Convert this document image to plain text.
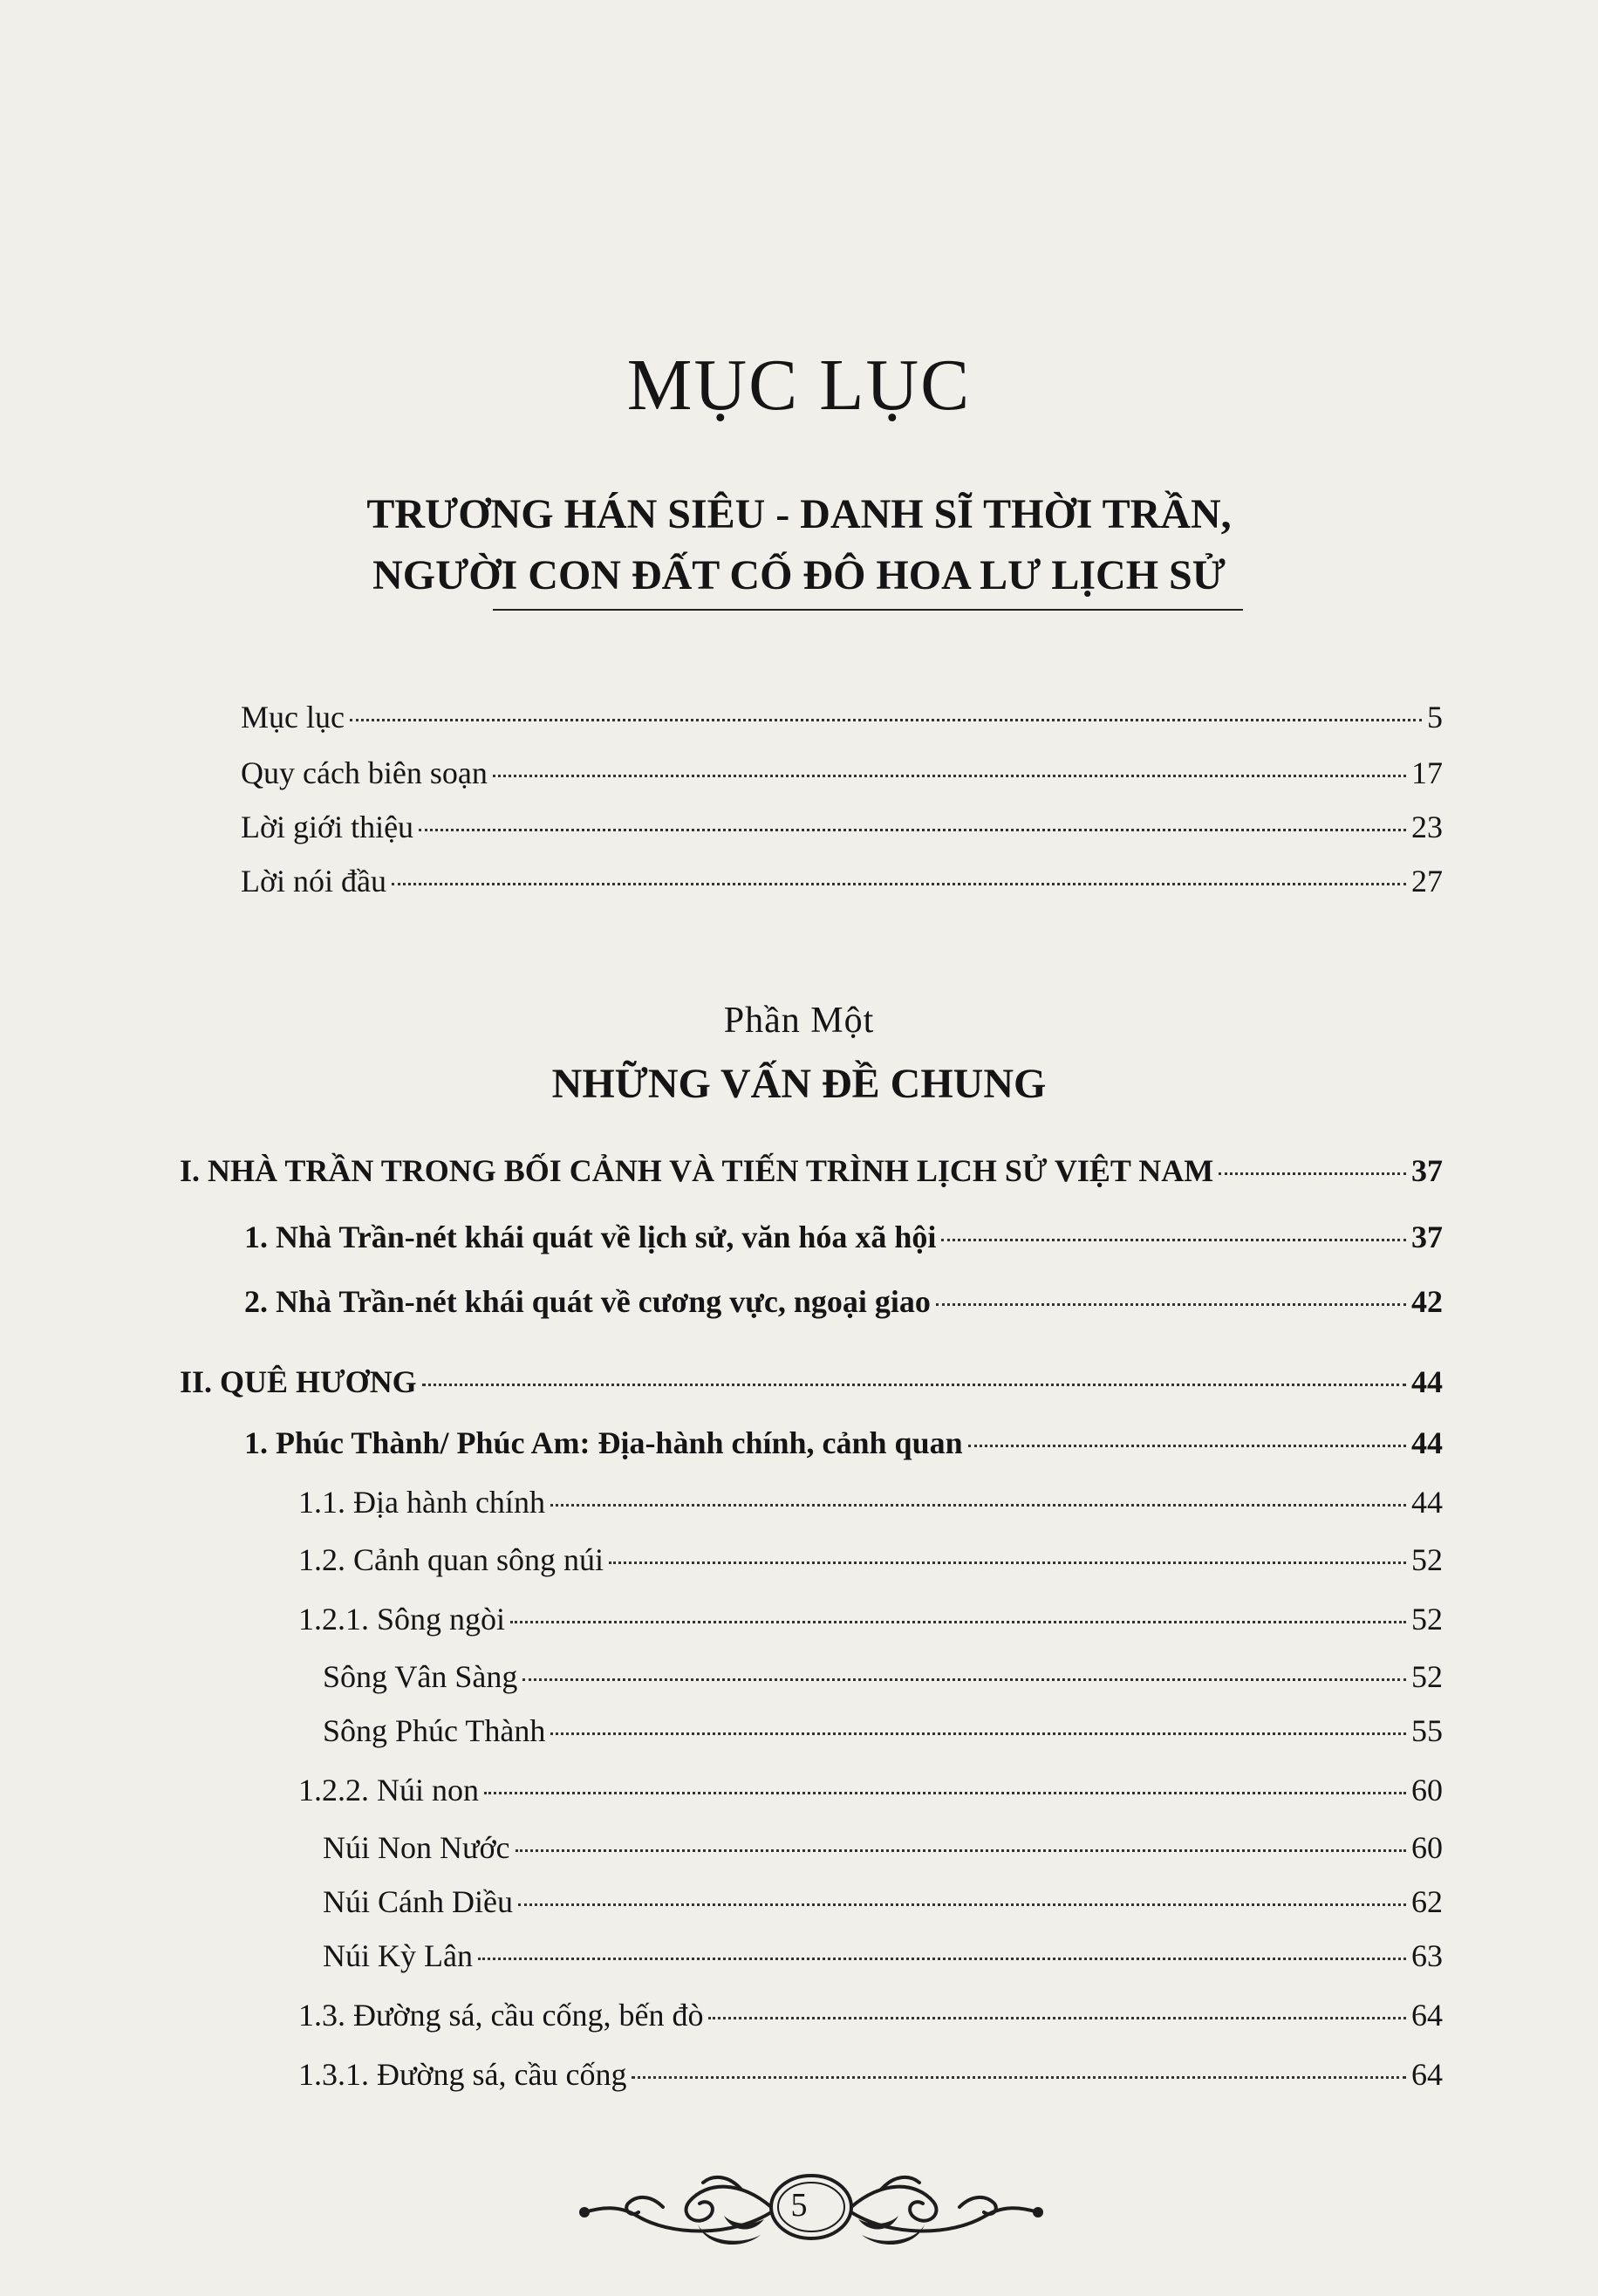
MỤC LỤC
TRƯƠNG HÁN SIÊU - DANH SĨ THỜI TRẦN,
NGƯỜI CON ĐẤT CỐ ĐÔ HOA LƯ LỊCH SỬ
Mục lục	5
Quy cách biên soạn	17
Lời giới thiệu	23
Lời nói đầu	27
Phần Một
NHỮNG VẤN ĐỀ CHUNG
I. NHÀ TRẦN TRONG BỐI CẢNH VÀ TIẾN TRÌNH LỊCH SỬ VIỆT NAM	37
1. Nhà Trần-nét khái quát về lịch sử, văn hóa xã hội	37
2. Nhà Trần-nét khái quát về cương vực, ngoại giao	42
II. QUÊ HƯƠNG	44
1. Phúc Thành/ Phúc Am: Địa-hành chính, cảnh quan	44
1.1. Địa hành chính	44
1.2. Cảnh quan sông núi	52
1.2.1. Sông ngòi	52
Sông Vân Sàng	52
Sông Phúc Thành	55
1.2.2. Núi non	60
Núi Non Nước	60
Núi Cánh Diều	62
Núi Kỳ Lân	63
1.3. Đường sá, cầu cống, bến đò	64
1.3.1. Đường sá, cầu cống	64
5
